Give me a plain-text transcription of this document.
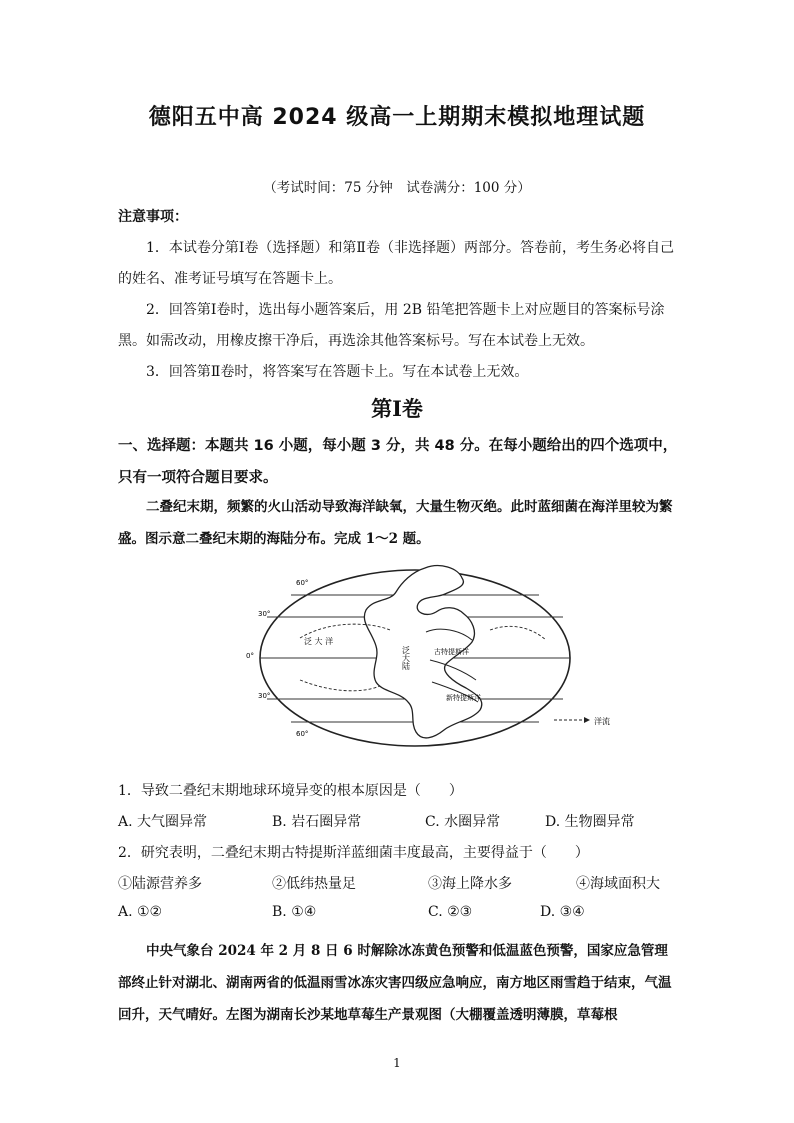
德阳五中高 2024 级高一上期期末模拟地理试题
（考试时间：75 分钟　试卷满分：100 分）
注意事项：
1．本试卷分第Ⅰ卷（选择题）和第Ⅱ卷（非选择题）两部分。答卷前，考生务必将自己的姓名、准考证号填写在答题卡上。
2．回答第Ⅰ卷时，选出每小题答案后，用 2B 铅笔把答题卡上对应题目的答案标号涂黑。如需改动，用橡皮擦干净后，再选涂其他答案标号。写在本试卷上无效。
3．回答第Ⅱ卷时，将答案写在答题卡上。写在本试卷上无效。
第Ⅰ卷
一、选择题：本题共 16 小题，每小题 3 分，共 48 分。在每小题给出的四个选项中，只有一项符合题目要求。
二叠纪末期，频繁的火山活动导致海洋缺氧，大量生物灭绝。此时蓝细菌在海洋里较为繁盛。图示意二叠纪末期的海陆分布。完成 1～2 题。
60°
30°
0°
30°
60°
泛 大 洋
泛大陆	古特提斯洋
新特提斯洋
洋流
1．导致二叠纪末期地球环境异变的根本原因是（　　）
A. 大气圈异常	B. 岩石圈异常	C. 水圈异常	D. 生物圈异常
2．研究表明，二叠纪末期古特提斯洋蓝细菌丰度最高，主要得益于（　　）
①陆源营养多	②低纬热量足	③海上降水多	④海域面积大
A. ①②	B. ①④	C. ②③	D. ③④
中央气象台 2024 年 2 月 8 日 6 时解除冰冻黄色预警和低温蓝色预警，国家应急管理部终止针对湖北、湖南两省的低温雨雪冰冻灾害四级应急响应，南方地区雨雪趋于结束，气温回升，天气晴好。左图为湖南长沙某地草莓生产景观图（大棚覆盖透明薄膜，草莓根
1
